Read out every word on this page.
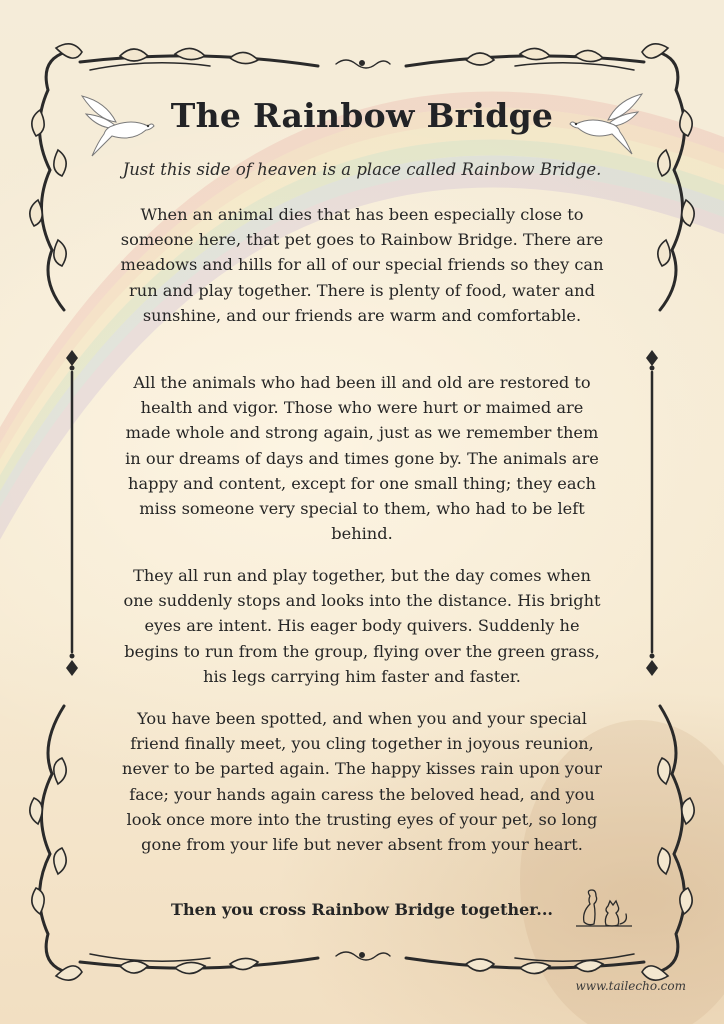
The Rainbow Bridge

Just this side of heaven is a place called Rainbow Bridge.

When an animal dies that has been especially close to someone here, that pet goes to Rainbow Bridge. There are meadows and hills for all of our special friends so they can run and play together. There is plenty of food, water and sunshine, and our friends are warm and comfortable.

All the animals who had been ill and old are restored to health and vigor. Those who were hurt or maimed are made whole and strong again, just as we remember them in our dreams of days and times gone by. The animals are happy and content, except for one small thing; they each miss someone very special to them, who had to be left behind.

They all run and play together, but the day comes when one suddenly stops and looks into the distance. His bright eyes are intent. His eager body quivers. Suddenly he begins to run from the group, flying over the green grass, his legs carrying him faster and faster.

You have been spotted, and when you and your special friend finally meet, you cling together in joyous reunion, never to be parted again. The happy kisses rain upon your face; your hands again caress the beloved head, and you look once more into the trusting eyes of your pet, so long gone from your life but never absent from your heart.

Then you cross Rainbow Bridge together...

www.tailecho.com
